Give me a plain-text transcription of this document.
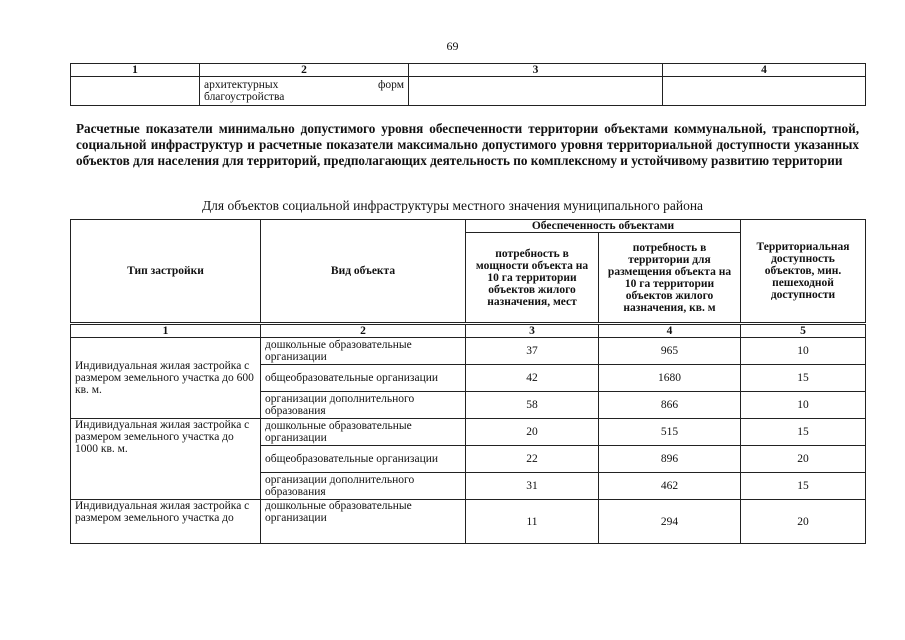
69
1	2	3	4

	архитектурных форм
благоустройства		

Расчетные показатели минимально допустимого уровня обеспеченности территории объектами коммунальной, транспортной, социальной инфраструктур и расчетные показатели максимально допустимого уровня территориальной доступности указанных объектов для населения для территорий, предполагающих деятельность по комплексному и устойчивому развитию территории
Для объектов социальной инфраструктуры местного значения муниципального района
Тип застройки	Вид объекта	Обеспеченность объектами		Территориальная доступность объектов, мин. пешеходной доступности
		потребность в мощности объекта на 10 га территории объектов жилого назначения, мест	потребность в территории для размещения объекта на 10 га территории объектов жилого назначения, кв. м	
1	2	3	4	5
Индивидуальная жилая застройка с размером земельного участка до 600 кв. м.	дошкольные образовательные организации	37	965	10
	общеобразовательные организации	42	1680	15
	организации дополнительного образования	58	866	10
Индивидуальная жилая застройка с размером земельного участка до 1000 кв. м.	дошкольные образовательные организации	20	515	15
	общеобразовательные организации	22	896	20
	организации дополнительного образования	31	462	15
Индивидуальная жилая застройка с размером земельного участка до	дошкольные образовательные организации	11	294	20
